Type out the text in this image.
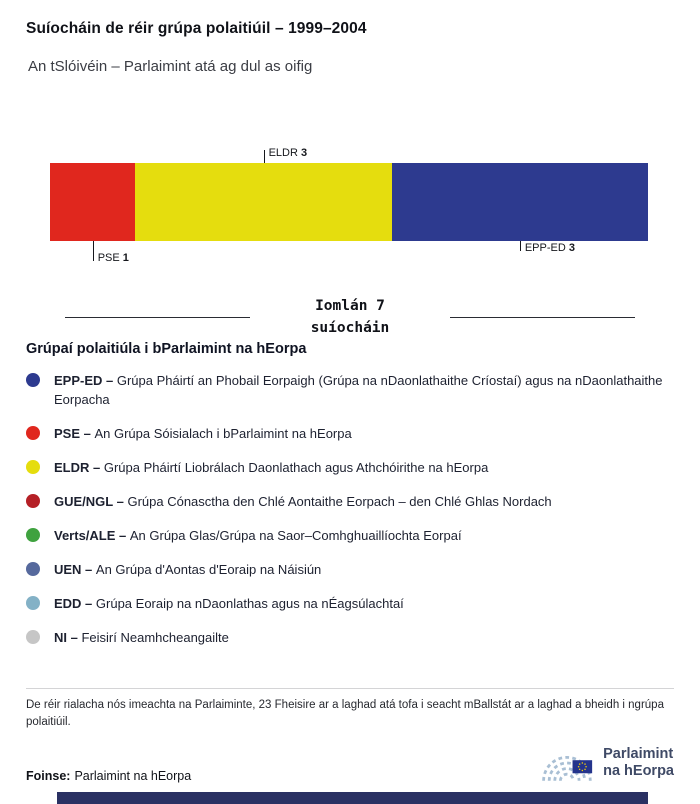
Suíocháin de réir grúpa polaitiúil – 1999–2004
An tSlóivéin – Parlaimint atá ag dul as oifig
PSE 1
ELDR 3
EPP-ED 3
Iomlán 7
suíocháin
Grúpaí polaitiúla i bParlaimint na hEorpa
EPP-ED – Grúpa Pháirtí an Phobail Eorpaigh (Grúpa na nDaonlathaithe Críostaí) agus na nDaonlathaithe Eorpacha
PSE – An Grúpa Sóisialach i bParlaimint na hEorpa
ELDR – Grúpa Pháirtí Liobrálach Daonlathach agus Athchóirithe na hEorpa
GUE/NGL – Grúpa Cónasctha den Chlé Aontaithe Eorpach – den Chlé Ghlas Nordach
Verts/ALE – An Grúpa Glas/Grúpa na Saor–Comhghuaillíochta Eorpaí
UEN – An Grúpa d'Aontas d'Eoraip na Náisiún
EDD – Grúpa Eoraip na nDaonlathas agus na nÉagsúlachtaí
NI – Feisirí Neamhcheangailte
De réir rialacha nós imeachta na Parlaiminte, 23 Fheisire ar a laghad atá tofa i seacht mBallstát ar a laghad a bheidh i ngrúpa polaitiúil.
Foinse: Parlaimint na hEorpa
Parlaimint
na hEorpa
